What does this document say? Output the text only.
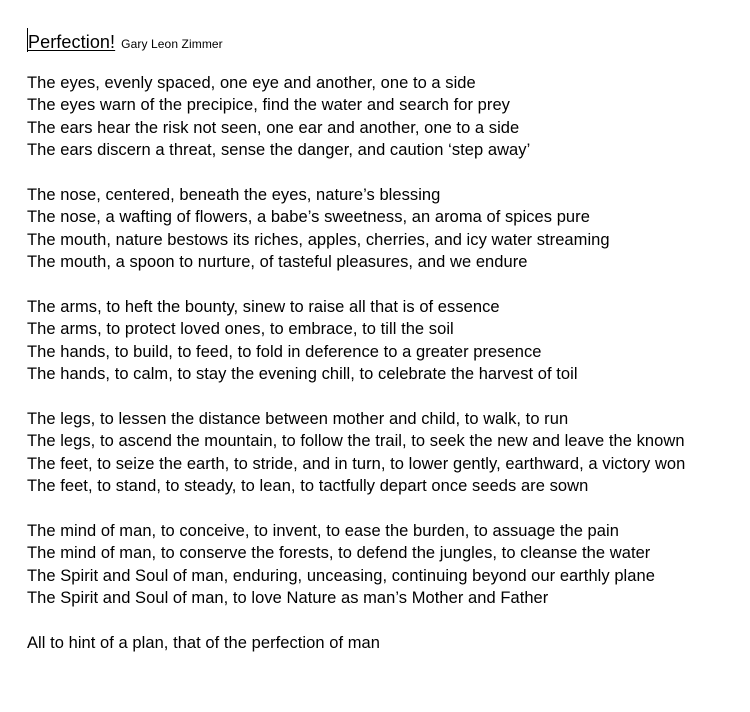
Perfection! Gary Leon Zimmer
The eyes, evenly spaced, one eye and another, one to a side
The eyes warn of the precipice, find the water and search for prey
The ears hear the risk not seen, one ear and another, one to a side
The ears discern a threat, sense the danger, and caution ‘step away’
The nose, centered, beneath the eyes, nature’s blessing
The nose, a wafting of flowers, a babe’s sweetness, an aroma of spices pure
The mouth, nature bestows its riches, apples, cherries, and icy water streaming
The mouth, a spoon to nurture, of tasteful pleasures, and we endure
The arms, to heft the bounty, sinew to raise all that is of essence
The arms, to protect loved ones, to embrace, to till the soil
The hands, to build, to feed, to fold in deference to a greater presence
The hands, to calm, to stay the evening chill, to celebrate the harvest of toil
The legs, to lessen the distance between mother and child, to walk, to run
The legs, to ascend the mountain, to follow the trail, to seek the new and leave the known
The feet, to seize the earth, to stride, and in turn, to lower gently, earthward, a victory won
The feet, to stand, to steady, to lean, to tactfully depart once seeds are sown
The mind of man, to conceive, to invent, to ease the burden, to assuage the pain
The mind of man, to conserve the forests, to defend the jungles, to cleanse the water
The Spirit and Soul of man, enduring, unceasing, continuing beyond our earthly plane
The Spirit and Soul of man, to love Nature as man’s Mother and Father
All to hint of a plan, that of the perfection of man
